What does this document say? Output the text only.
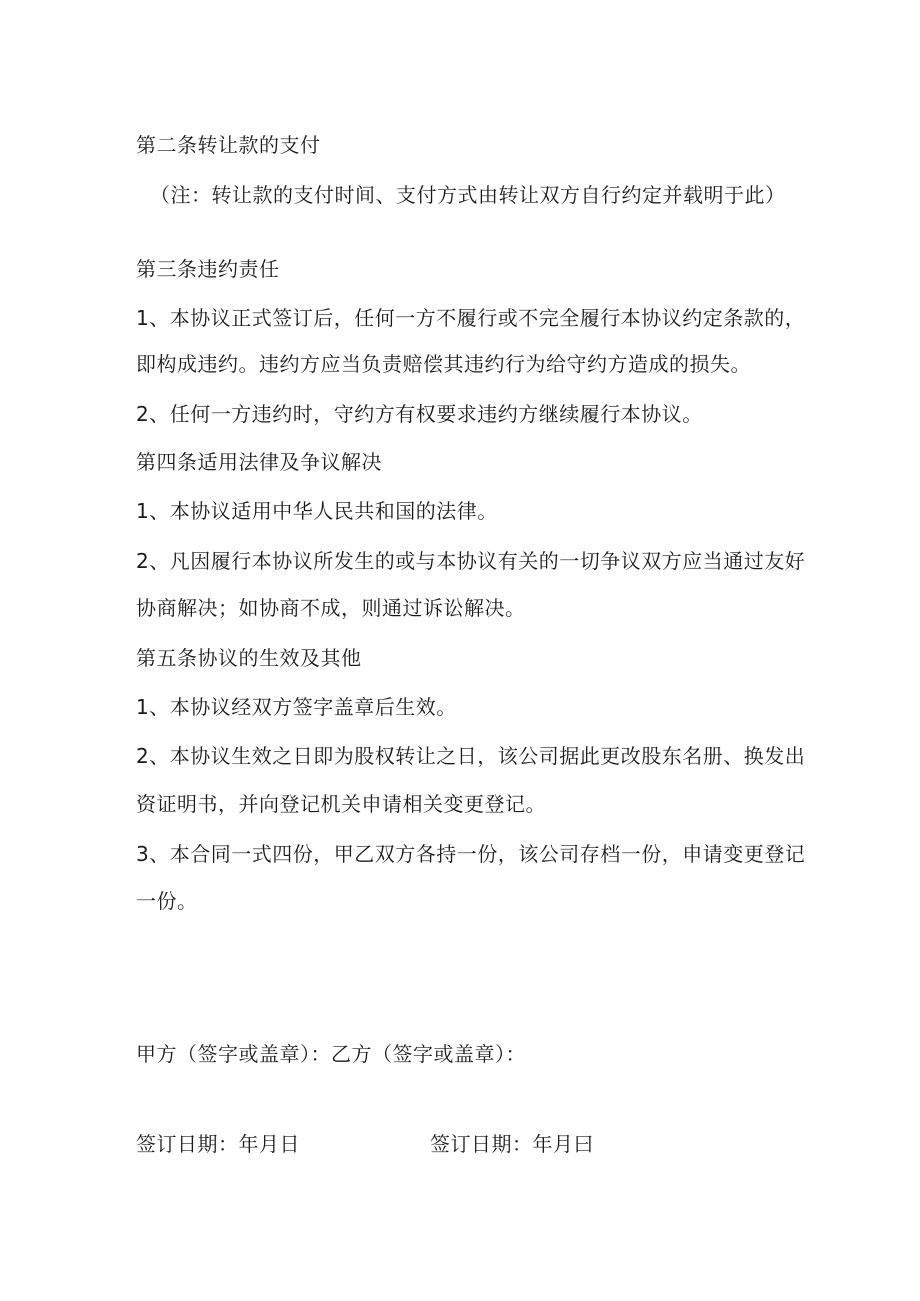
第二条转让款的支付
（注：转让款的支付时间、支付方式由转让双方自行约定并载明于此）
第三条违约责任
1、本协议正式签订后，任何一方不履行或不完全履行本协议约定条款的，
即构成违约。违约方应当负责赔偿其违约行为给守约方造成的损失。
2、任何一方违约时，守约方有权要求违约方继续履行本协议。
第四条适用法律及争议解决
1、本协议适用中华人民共和国的法律。
2、凡因履行本协议所发生的或与本协议有关的一切争议双方应当通过友好
协商解决；如协商不成，则通过诉讼解决。
第五条协议的生效及其他
1、本协议经双方签字盖章后生效。
2、本协议生效之日即为股权转让之日，该公司据此更改股东名册、换发出
资证明书，并向登记机关申请相关变更登记。
3、本合同一式四份，甲乙双方各持一份，该公司存档一份，申请变更登记
一份。
甲方（签字或盖章）：乙方（签字或盖章）：
签订日期：年月日	签订日期：年月曰
